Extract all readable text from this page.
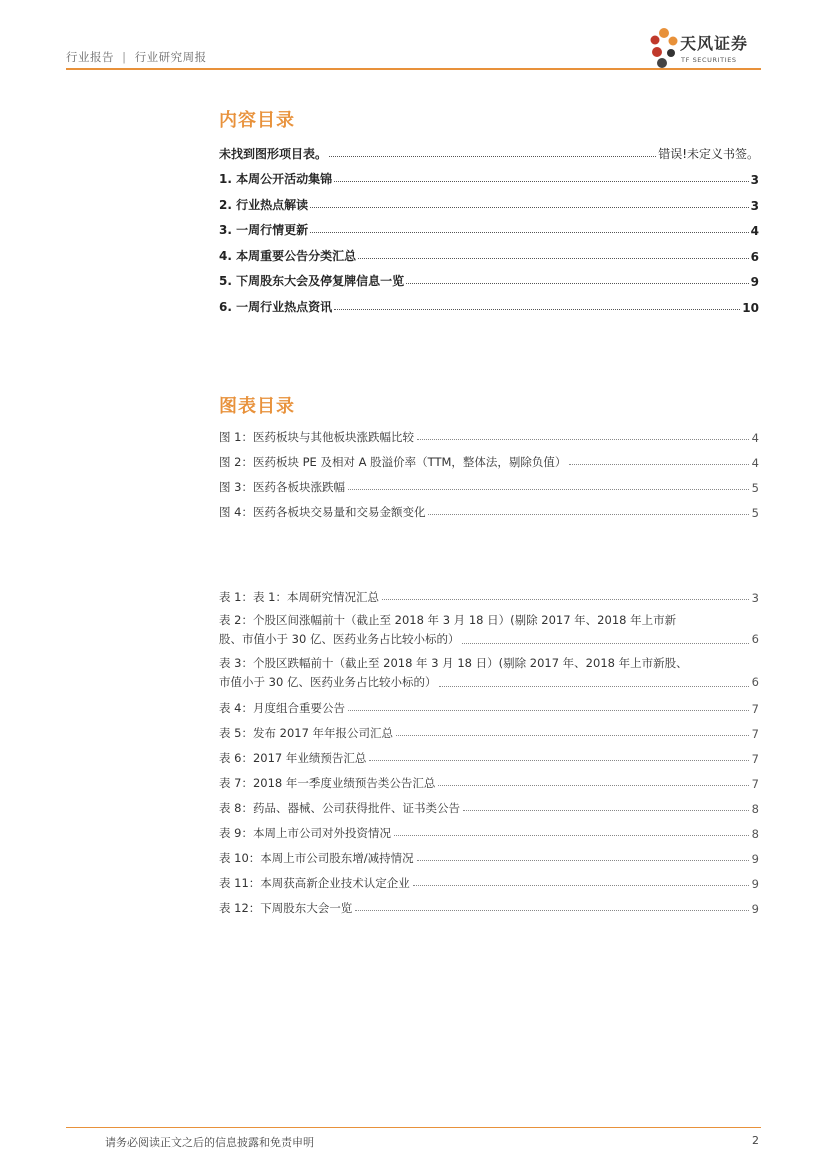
行业报告 | 行业研究周报
天风证券
TF SECURITIES
内容目录
未找到图形项目表。	错误!未定义书签。
1. 本周公开活动集锦	3
2. 行业热点解读	3
3. 一周行情更新	4
4. 本周重要公告分类汇总	6
5. 下周股东大会及停复牌信息一览	9
6. 一周行业热点资讯	10
图表目录
图 1：医药板块与其他板块涨跌幅比较	4
图 2：医药板块 PE 及相对 A 股溢价率（TTM，整体法，剔除负值）	4
图 3：医药各板块涨跌幅	5
图 4：医药各板块交易量和交易金额变化	5
表 1：表 1：本周研究情况汇总	3
表 2：个股区间涨幅前十（截止至 2018 年 3 月 18 日）(剔除 2017 年、2018 年上市新
股、市值小于 30 亿、医药业务占比较小标的）	6
表 3：个股区跌幅前十（截止至 2018 年 3 月 18 日）(剔除 2017 年、2018 年上市新股、
市值小于 30 亿、医药业务占比较小标的）	6
表 4：月度组合重要公告	7
表 5：发布 2017 年年报公司汇总	7
表 6：2017 年业绩预告汇总	7
表 7：2018 年一季度业绩预告类公告汇总	7
表 8：药品、器械、公司获得批件、证书类公告	8
表 9：本周上市公司对外投资情况	8
表 10：本周上市公司股东增/减持情况	9
表 11：本周获高新企业技术认定企业	9
表 12：下周股东大会一览	9
请务必阅读正文之后的信息披露和免责申明	2
